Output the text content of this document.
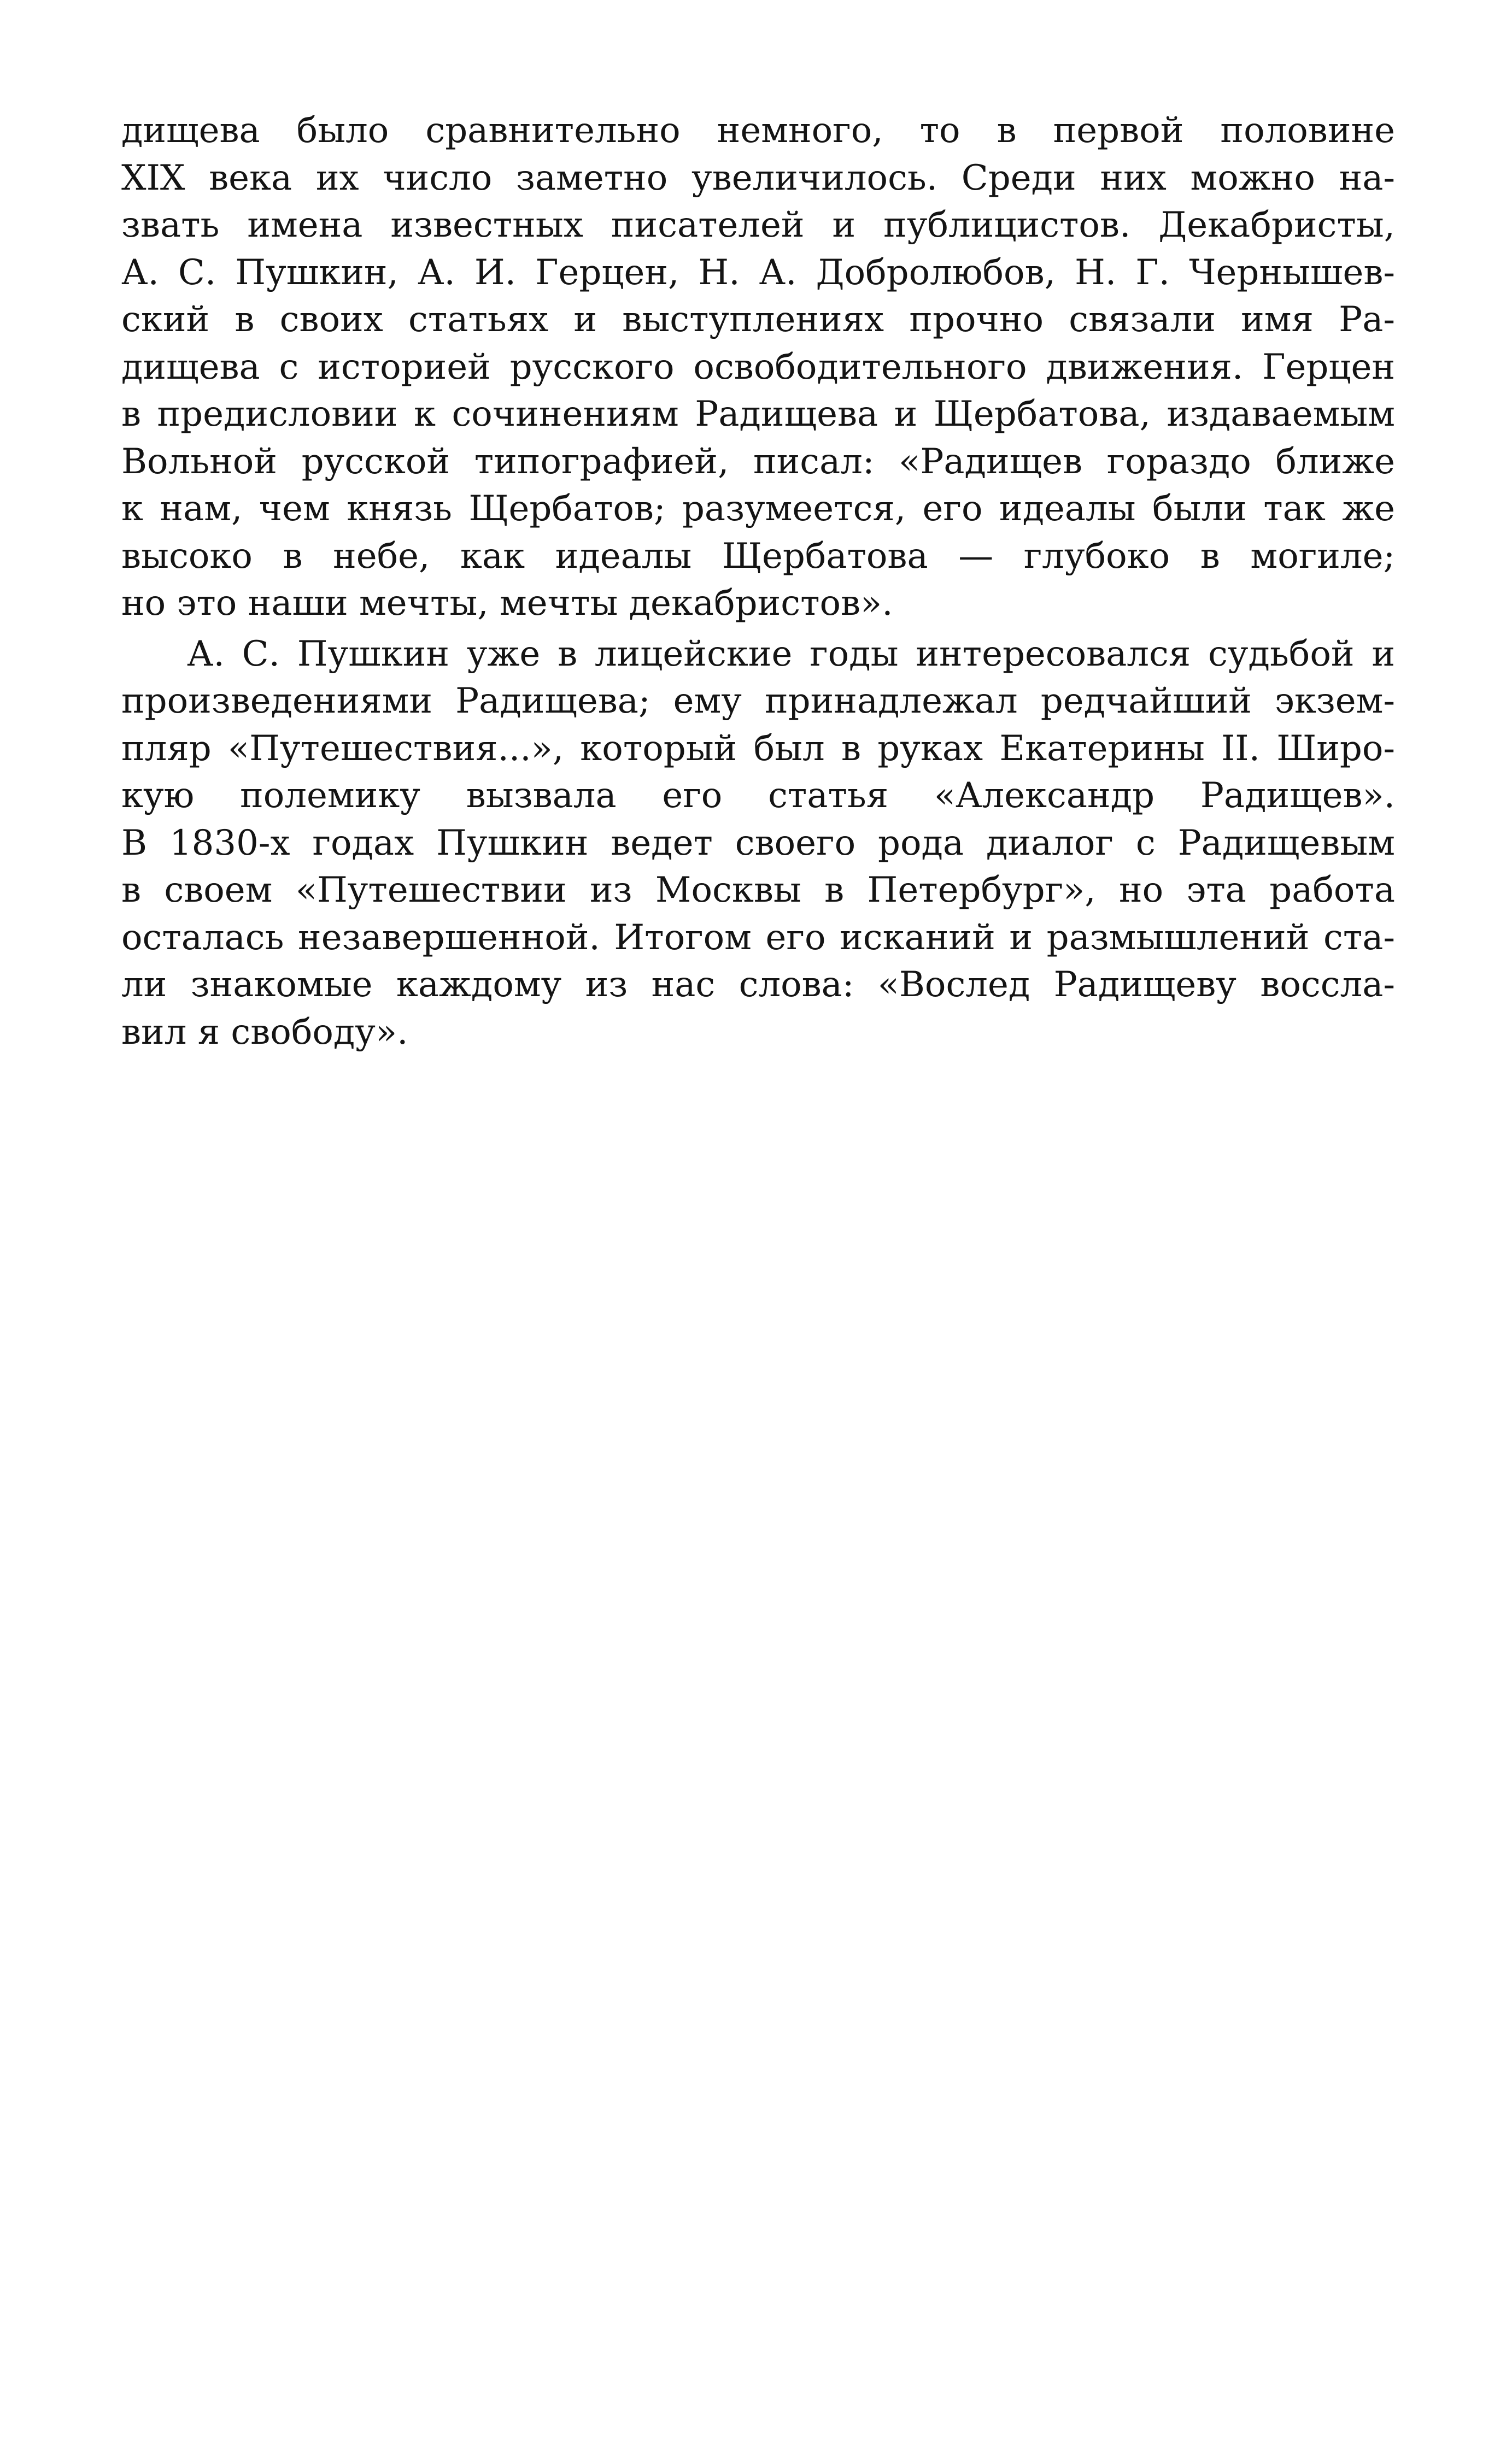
дищева было сравнительно немного, то в первой половине
XIX века их число заметно увеличилось. Среди них можно на-
звать имена известных писателей и публицистов. Декабристы,
А. С. Пушкин, А. И. Герцен, Н. А. Добролюбов, Н. Г. Чернышев-
ский в своих статьях и выступлениях прочно связали имя Ра-
дищева с историей русского освободительного движения. Герцен
в предисловии к сочинениям Радищева и Щербатова, издаваемым
Вольной русской типографией, писал: «Радищев гораздо ближе
к нам, чем князь Щербатов; разумеется, его идеалы были так же
высоко в небе, как идеалы Щербатова — глубоко в могиле;
но это наши мечты, мечты декабристов».
А. С. Пушкин уже в лицейские годы интересовался судьбой и
произведениями Радищева; ему принадлежал редчайший экзем-
пляр «Путешествия...», который был в руках Екатерины II. Широ-
кую полемику вызвала его статья «Александр Радищев».
В 1830-х годах Пушкин ведет своего рода диалог с Радищевым
в своем «Путешествии из Москвы в Петербург», но эта работа
осталась незавершенной. Итогом его исканий и размышлений ста-
ли знакомые каждому из нас слова: «Вослед Радищеву восcла-
вил я свободу».
